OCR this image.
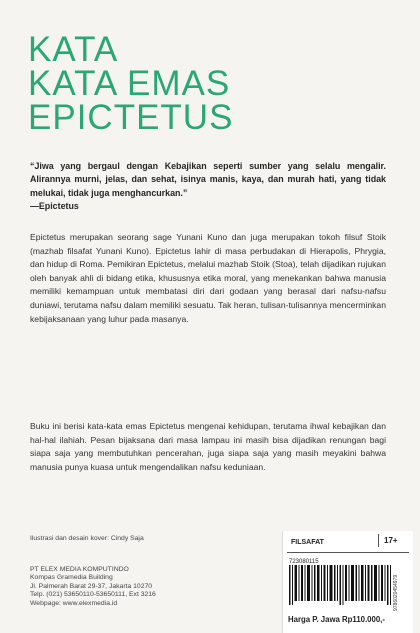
KATA
KATA EMAS
EPICTETUS
“Jiwa yang bergaul dengan Kebajikan seperti sumber yang selalu mengalir. Alirannya murni, jelas, dan sehat, isinya manis, kaya, dan murah hati, yang tidak melukai, tidak juga menghancurkan.”
—Epictetus
Epictetus merupakan seorang sage Yunani Kuno dan juga merupakan tokoh filsuf Stoik (mazhab filsafat Yunani Kuno). Epictetus lahir di masa perbudakan di Hierapolis, Phrygia, dan hidup di Roma. Pemikiran Epictetus, melalui mazhab Stoik (Stoa), telah dijadikan rujukan oleh banyak ahli di bidang etika, khususnya etika moral, yang menekankan bahwa manusia memiliki kemampuan untuk membatasi diri dari godaan yang berasal dari nafsu-nafsu duniawi, terutama nafsu dalam memiliki sesuatu. Tak heran, tulisan-tulisannya mencerminkan kebijaksanaan yang luhur pada masanya.
Buku ini berisi kata-kata emas Epictetus mengenai kehidupan, terutama ihwal kebajikan dan hal-hal ilahiah. Pesan bijaksana dari masa lampau ini masih bisa dijadikan renungan bagi siapa saja yang membutuhkan pencerahan, juga siapa saja yang masih meyakini bahwa manusia punya kuasa untuk mengendalikan nafsu keduniaan.
Ilustrasi dan desain kover: Cindy Saja
PT ELEX MEDIA KOMPUTINDO
Kompas Gramedia Building
Jl. Palmerah Barat 29-37, Jakarta 10270
Telp. (021) 53650110-53650111, Ext 3216
Webpage: www.elexmedia.id
FILSAFAT	17+
723080115
9786020454979
Harga P. Jawa Rp110.000,-
